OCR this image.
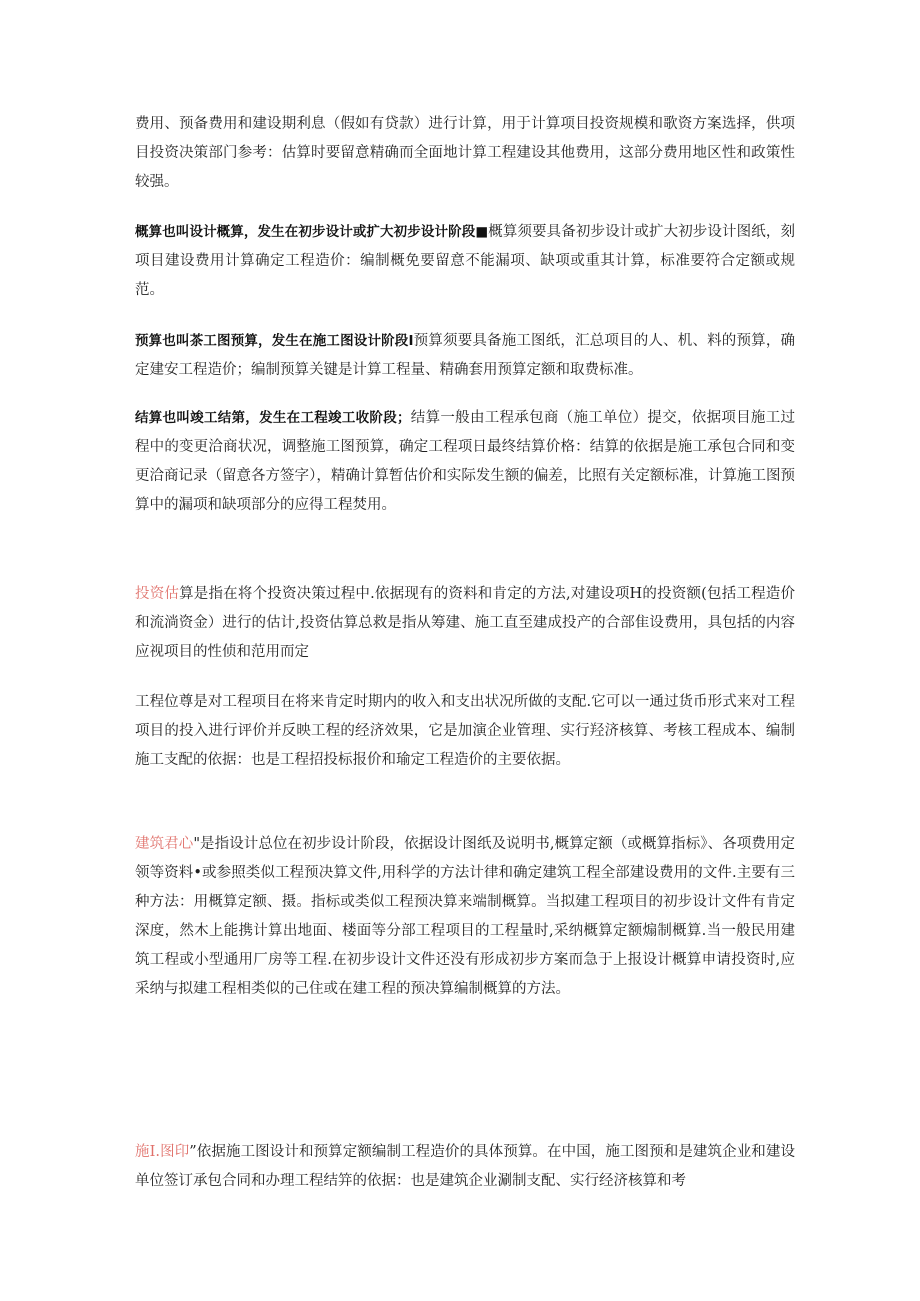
费用、预备费用和建设期利息（假如有贷款）进行计算，用于计算项目投资规模和歌资方案选择，供项目投资决策部门参考：估算时要留意精确而全面地计算工程建设其他费用，这部分费用地区性和政策性较强。

概算也叫设计概算，发生在初步设计或扩大初步设计阶段■概算须要具备初步设计或扩大初步设计图纸，刻项目建设费用计算确定工程造价：编制概免要留意不能漏项、缺项或重其计算，标准要符合定额或规范。

预算也叫茶工图预算，发生在施工图设计阶段Ⅰ预算须要具备施工图纸，汇总项目的人、机、料的预算，确定建安工程造价；编制预算关键是计算工程量、精确套用预算定额和取费标准。

结算也叫竣工结第，发生在工程竣工收阶段；结算一般由工程承包商（施工单位）提交，依据项目施工过程中的变更洽商状况，调整施工图预算，确定工程项日最终结算价格：结算的依据是施工承包合同和变更洽商记录（留意各方签字），精确计算暂估价和实际发生额的偏差，比照有关定额标准，计算施工图预算中的漏项和缺项部分的应得工程焚用。

投资估算是指在将个投资决策过程中.依据现有的资料和肯定的方法,对建设项H的投资额(包括工程造价和流淌资金）进行的估计,投资估算总救是指从筹建、施工直至建成投产的合部隹设费用，具包括的内容应视项目的性侦和范用而定

工程位尊是对工程项目在将来肯定时期内的收入和支出状况所做的支配.它可以一通过货币形式来对工程项目的投入进行评价并反映工程的经济效果，它是加演企业管理、实行羟济核算、考核工程成本、编制施工支配的依据：也是工程招投标报价和瑜定工程造价的主要依据。

建筑君心"是指设计总位在初步设计阶段，依据设计图纸及说明书,概算定额（或概算指标》、各项费用定领等资料•或参照类似工程预决算文件,用科学的方法计律和确定建筑工程全部建设费用的文件.主要有三种方法：用概算定额、摄。指标或类似工程预决算来端制概算。当拟建工程项目的初步设计文件有肯定深度，然木上能携计算出地面、楼面等分部工程项目的工程量时,采纳概算定额煽制概算.当一般民用建筑工程或小型通用厂房等工程.在初步设计文件还没有形成初步方案而急于上报设计概算申请投资时,应采纳与拟建工程相类似的己住或在建工程的预决算编制概算的方法。

施Ⅰ.图印”依据施工图设计和预算定额编制工程造价的具体预算。在中国，施工图预和是建筑企业和建设单位签订承包合同和办理工程结笄的依据：也是建筑企业涮制支配、实行经济核算和考
